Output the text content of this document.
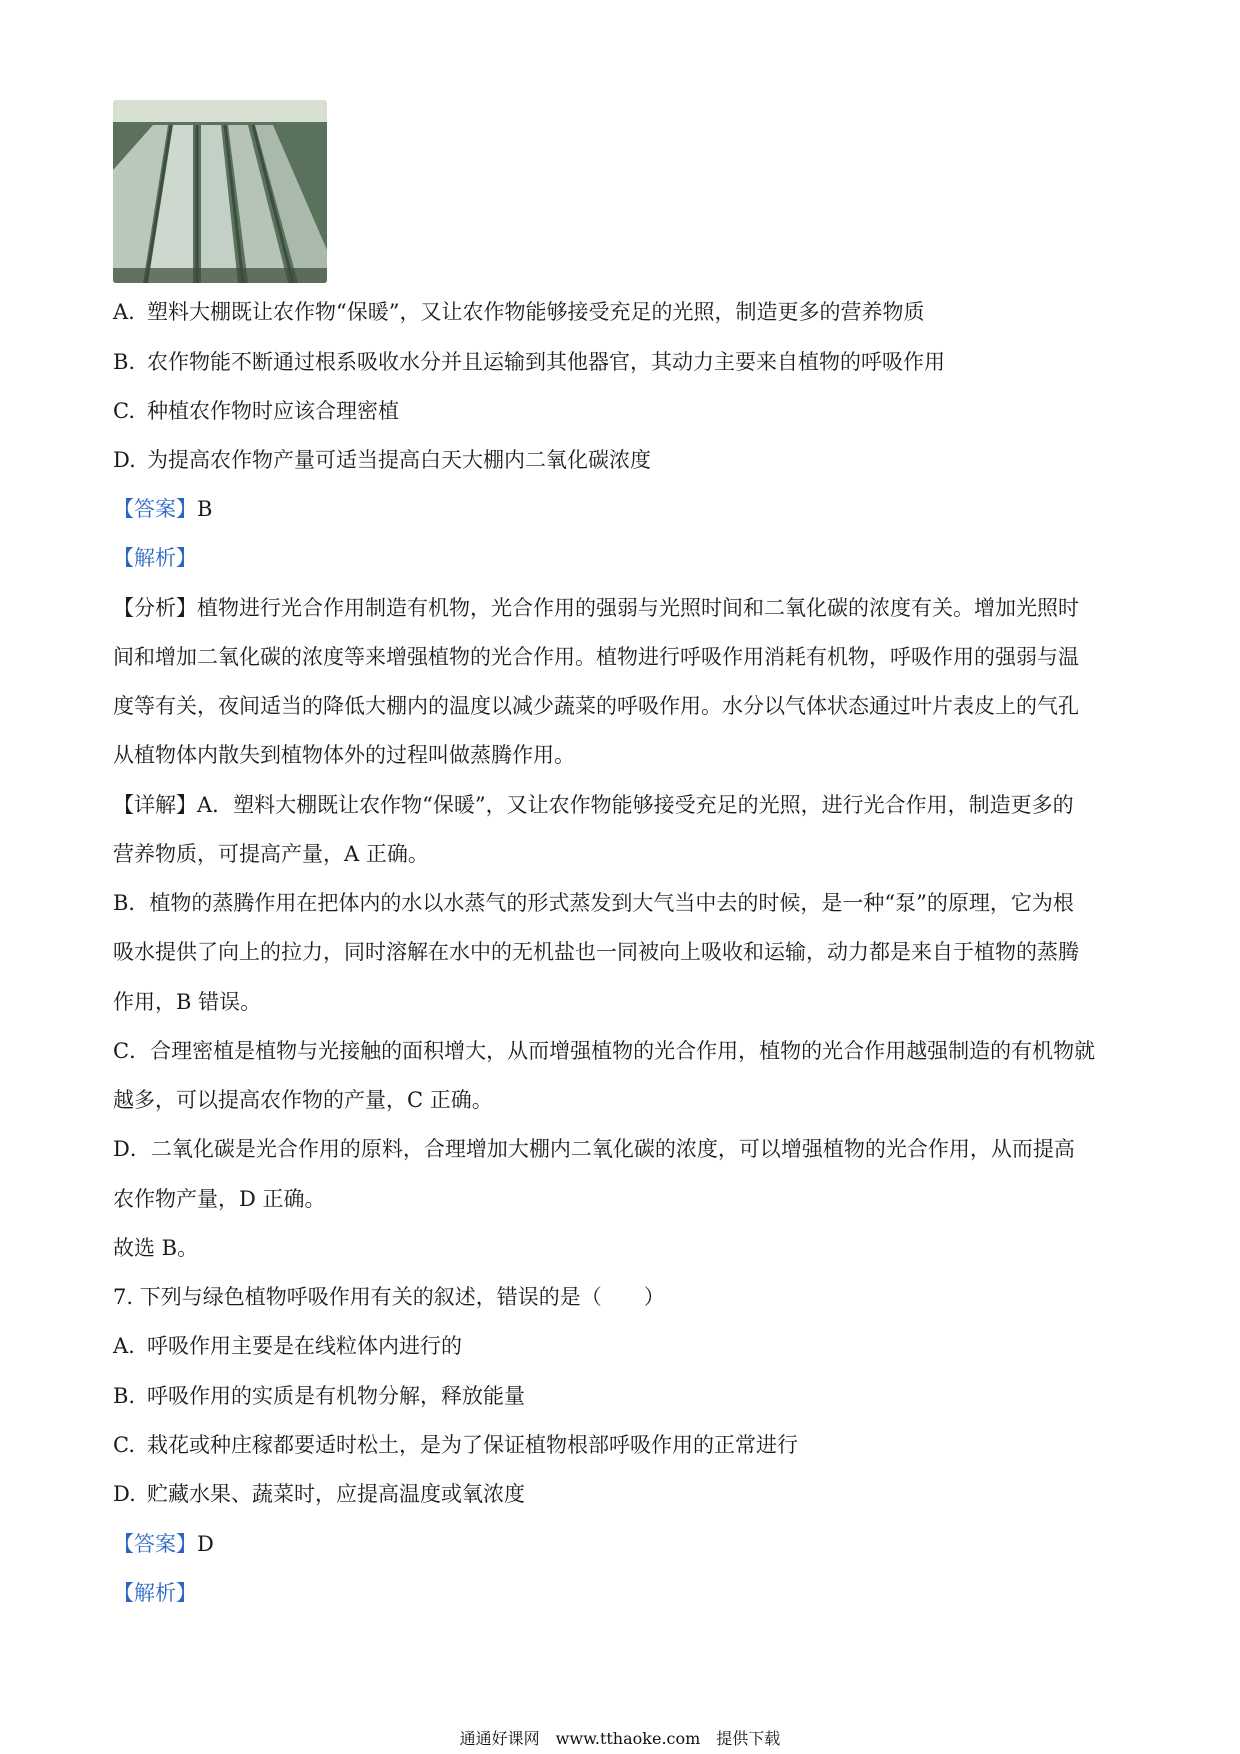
A. 塑料大棚既让农作物“保暖”，又让农作物能够接受充足的光照，制造更多的营养物质
B. 农作物能不断通过根系吸收水分并且运输到其他器官，其动力主要来自植物的呼吸作用
C. 种植农作物时应该合理密植
D. 为提高农作物产量可适当提高白天大棚内二氧化碳浓度
【答案】B
【解析】
【分析】植物进行光合作用制造有机物，光合作用的强弱与光照时间和二氧化碳的浓度有关。增加光照时
间和增加二氧化碳的浓度等来增强植物的光合作用。植物进行呼吸作用消耗有机物，呼吸作用的强弱与温
度等有关，夜间适当的降低大棚内的温度以减少蔬菜的呼吸作用。水分以气体状态通过叶片表皮上的气孔
从植物体内散失到植物体外的过程叫做蒸腾作用。
【详解】A．塑料大棚既让农作物“保暖”，又让农作物能够接受充足的光照，进行光合作用，制造更多的
营养物质，可提高产量，A 正确。
B．植物的蒸腾作用在把体内的水以水蒸气的形式蒸发到大气当中去的时候，是一种“泵”的原理，它为根
吸水提供了向上的拉力，同时溶解在水中的无机盐也一同被向上吸收和运输，动力都是来自于植物的蒸腾
作用，B 错误。
C．合理密植是植物与光接触的面积增大，从而增强植物的光合作用，植物的光合作用越强制造的有机物就
越多，可以提高农作物的产量，C 正确。
D．二氧化碳是光合作用的原料，合理增加大棚内二氧化碳的浓度，可以增强植物的光合作用，从而提高
农作物产量，D 正确。
故选 B。
7. 下列与绿色植物呼吸作用有关的叙述，错误的是（　　）
A. 呼吸作用主要是在线粒体内进行的
B. 呼吸作用的实质是有机物分解，释放能量
C. 栽花或种庄稼都要适时松土，是为了保证植物根部呼吸作用的正常进行
D. 贮藏水果、蔬菜时，应提高温度或氧浓度
【答案】D
【解析】
通通好课网　www.tthaoke.com　提供下载
